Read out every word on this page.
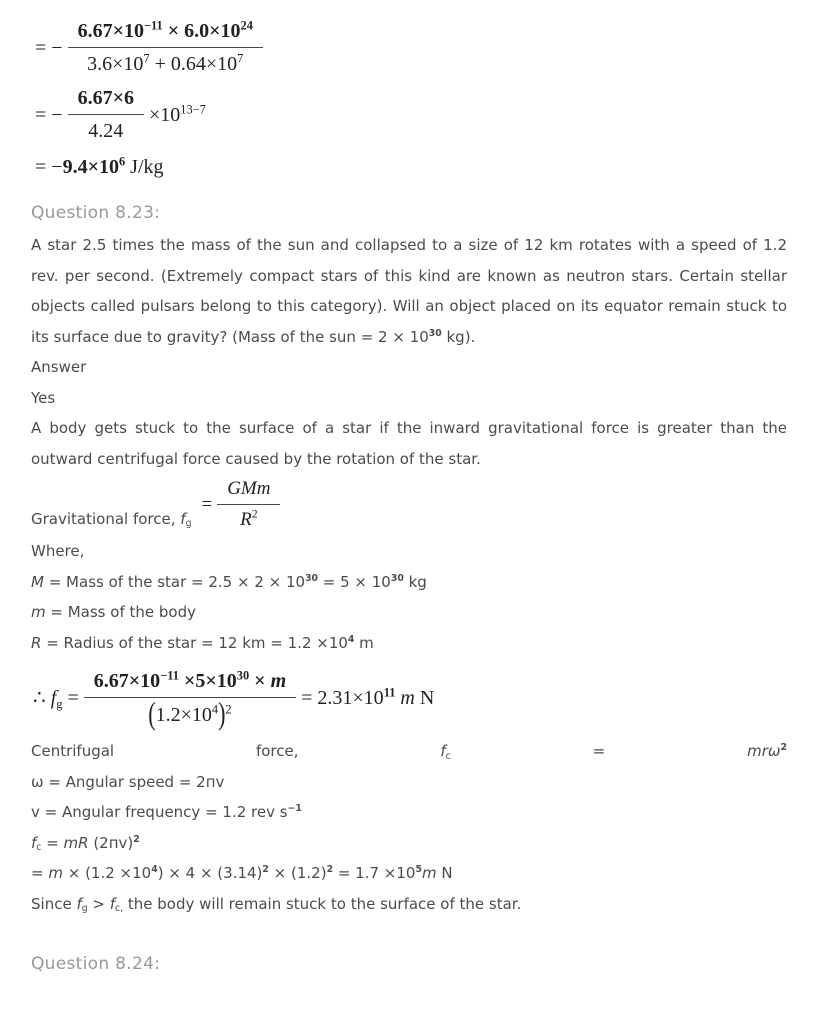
= − $\frac{6.67\times 10^{-11} \times 6.0\times 10^{24}}{3.6\times 10^7 + 0.64\times 10^7}$
= − $\frac{6.67\times 6}{4.24} \times 10^{13-7}$
= $-9.4\times 10^6$ J/kg
Question 8.23:

A star 2.5 times the mass of the sun and collapsed to a size of 12 km rotates with a speed of 1.2 rev. per second. (Extremely compact stars of this kind are known as neutron stars. Certain stellar objects called pulsars belong to this category). Will an object placed on its equator remain stuck to its surface due to gravity? (Mass of the sun = $2 \times 10^{30}$ kg).

Answer

Yes

A body gets stuck to the surface of a star if the inward gravitational force is greater than the outward centrifugal force caused by the rotation of the star.

Gravitational force, fg
= $\frac{\text{GMm}}{R^2}$

Where,

M = Mass of the star = $2.5 \times 2 \times 10^{30} = 5 \times 10^{30}$ kg

m = Mass of the body

R = Radius of the star = 12 km = $1.2 \times 10^4$ m

∴ fg = $\frac{6.67\times 10^{-11} \times 5\times 10^{30} \times m}{(1.2\times 10^4)^2} = 2.31\times 10^{11}$ m N
Centrifugal	force,	fc	=	mrω$^2$

ω = Angular speed = 2пv

v = Angular frequency = 1.2 rev $s^{-1}$

fc = mR $(2пv)^2$

= $m \times (1.2 \times 10^4) \times 4 \times (3.14)^2 \times (1.2)^2 = 1.7 \times 10^5m$ N

Since fg > fc, the body will remain stuck to the surface of the star.

Question 8.24:
